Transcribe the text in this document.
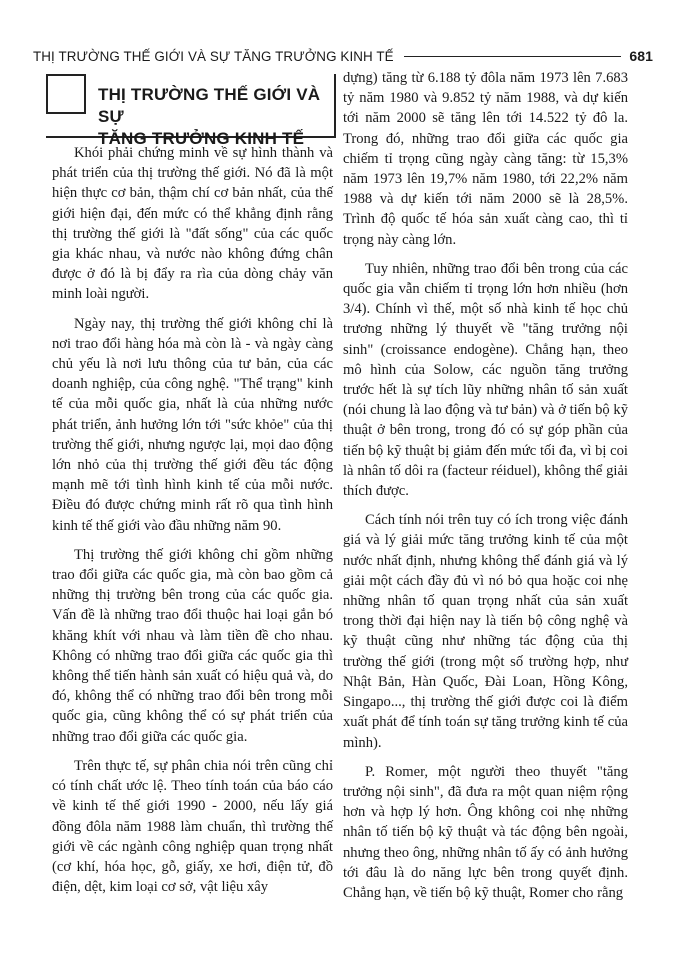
THỊ TRƯỜNG THẾ GIỚI VÀ SỰ TĂNG TRƯỞNG KINH TẾ	681
THỊ TRƯỜNG THẾ GIỚI VÀ SỰ
TĂNG TRƯỞNG KINH TẾ

Khói phải chứng minh về sự hình thành và phát triển của thị trường thế giới. Nó đã là một hiện thực cơ bản, thậm chí cơ bản nhất, của thế giới hiện đại, đến mức có thể khẳng định rằng thị trường thế giới là "đất sống" của các quốc gia khác nhau, và nước nào không đứng chân được ở đó là bị đẩy ra rìa của dòng chảy văn minh loài người.

Ngày nay, thị trường thế giới không chỉ là nơi trao đổi hàng hóa mà còn là - và ngày càng chủ yếu là nơi lưu thông của tư bản, của các doanh nghiệp, của công nghệ. "Thể trạng" kinh tế của mỗi quốc gia, nhất là của những nước phát triển, ảnh hưởng lớn tới "sức khỏe" của thị trường thế giới, nhưng ngược lại, mọi dao động lớn nhỏ của thị trường thế giới đều tác động mạnh mẽ tới tình hình kinh tế của mỗi nước. Điều đó được chứng minh rất rõ qua tình hình kinh tế thế giới vào đầu những năm 90.

Thị trường thế giới không chỉ gồm những trao đổi giữa các quốc gia, mà còn bao gồm cả những thị trường bên trong của các quốc gia. Vấn đề là những trao đổi thuộc hai loại gắn bó khăng khít với nhau và làm tiền đề cho nhau. Không có những trao đổi giữa các quốc gia thì không thể tiến hành sản xuất có hiệu quả và, do đó, không thể có những trao đổi bên trong mỗi quốc gia, cũng không thể có sự phát triển của những trao đổi giữa các quốc gia.

Trên thực tế, sự phân chia nói trên cũng chỉ có tính chất ước lệ. Theo tính toán của báo cáo về kinh tế thế giới 1990 - 2000, nếu lấy giá đồng đôla năm 1988 làm chuẩn, thì trường thế giới về các ngành công nghiệp quan trọng nhất (cơ khí, hóa học, gỗ, giấy, xe hơi, điện tử, đồ điện, dệt, kim loại cơ sở, vật liệu xây

dựng) tăng từ 6.188 tỷ đôla năm 1973 lên 7.683 tỷ năm 1980 và 9.852 tỷ năm 1988, và dự kiến tới năm 2000 sẽ tăng lên tới 14.522 tỷ đô la. Trong đó, những trao đổi giữa các quốc gia chiếm tỉ trọng cũng ngày càng tăng: từ 15,3% năm 1973 lên 19,7% năm 1980, tới 22,2% năm 1988 và dự kiến tới năm 2000 sẽ là 28,5%. Trình độ quốc tế hóa sản xuất càng cao, thì tỉ trọng này càng lớn.

Tuy nhiên, những trao đổi bên trong của các quốc gia vẫn chiếm tỉ trọng lớn hơn nhiều (hơn 3/4). Chính vì thế, một số nhà kinh tế học chủ trương những lý thuyết về "tăng trưởng nội sinh" (croissance endogène). Chẳng hạn, theo mô hình của Solow, các nguồn tăng trưởng trước hết là sự tích lũy những nhân tố sản xuất (nói chung là lao động và tư bản) và ở tiến bộ kỹ thuật ở bên trong, trong đó có sự góp phần của tiến bộ kỹ thuật bị giảm đến mức tối đa, vì bị coi là nhân tố dôi ra (facteur réiduel), không thể giải thích được.

Cách tính nói trên tuy có ích trong việc đánh giá và lý giải mức tăng trưởng kinh tế của một nước nhất định, nhưng không thể đánh giá và lý giải một cách đầy đủ vì nó bỏ qua hoặc coi nhẹ những nhân tố quan trọng nhất của sản xuất trong thời đại hiện nay là tiến bộ công nghệ và kỹ thuật cũng như những tác động của thị trường thế giới (trong một số trường hợp, như Nhật Bản, Hàn Quốc, Đài Loan, Hồng Kông, Singapo..., thị trường thế giới được coi là điểm xuất phát để tính toán sự tăng trưởng kinh tế của mình).

P. Romer, một người theo thuyết "tăng trưởng nội sinh", đã đưa ra một quan niệm rộng hơn và hợp lý hơn. Ông không coi nhẹ những nhân tố tiến bộ kỹ thuật và tác động bên ngoài, nhưng theo ông, những nhân tố ấy có ảnh hưởng tới đâu là do năng lực bên trong quyết định. Chẳng hạn, về tiến bộ kỹ thuật, Romer cho rằng
